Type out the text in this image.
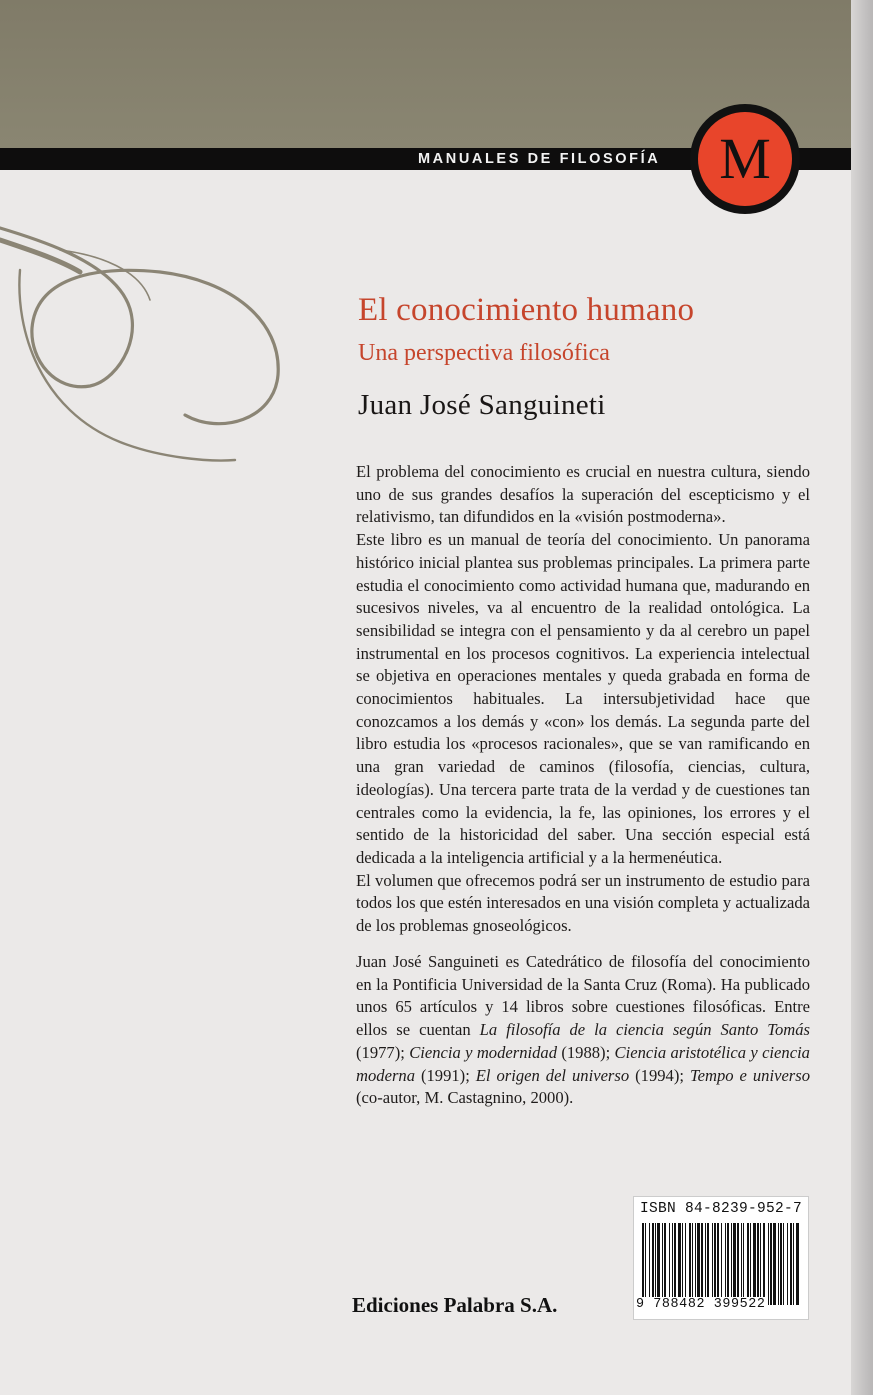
MANUALES DE FILOSOFÍA	M
El conocimiento humano
Una perspectiva filosófica
Juan José Sanguineti

El problema del conocimiento es crucial en nuestra cultura, siendo uno de sus grandes desafíos la superación del escepticismo y el relativismo, tan difundidos en la «visión postmoderna».

Este libro es un manual de teoría del conocimiento. Un panorama histórico inicial plantea sus problemas principales. La primera parte estudia el conocimiento como actividad humana que, madurando en sucesivos niveles, va al encuentro de la realidad ontológica. La sensibilidad se integra con el pensamiento y da al cerebro un papel instrumental en los procesos cognitivos. La experiencia intelectual se objetiva en operaciones mentales y queda grabada en forma de conocimientos habituales. La intersubjetividad hace que conozcamos a los demás y «con» los demás. La segunda parte del libro estudia los «procesos racionales», que se van ramificando en una gran variedad de caminos (filosofía, ciencias, cultura, ideologías). Una tercera parte trata de la verdad y de cuestiones tan centrales como la evidencia, la fe, las opiniones, los errores y el sentido de la historicidad del saber. Una sección especial está dedicada a la inteligencia artificial y a la hermenéutica.

El volumen que ofrecemos podrá ser un instrumento de estudio para todos los que estén interesados en una visión completa y actualizada de los problemas gnoseológicos.

Juan José Sanguineti es Catedrático de filosofía del conocimiento en la Pontificia Universidad de la Santa Cruz (Roma). Ha publicado unos 65 artículos y 14 libros sobre cuestiones filosóficas. Entre ellos se cuentan La filosofía de la ciencia según Santo Tomás (1977); Ciencia y modernidad (1988); Ciencia aristotélica y ciencia moderna (1991); El origen del universo (1994); Tempo e universo (co-autor, M. Castagnino, 2000).
Ediciones Palabra S.A.
ISBN 84-8239-952-7
9 788482 399522
